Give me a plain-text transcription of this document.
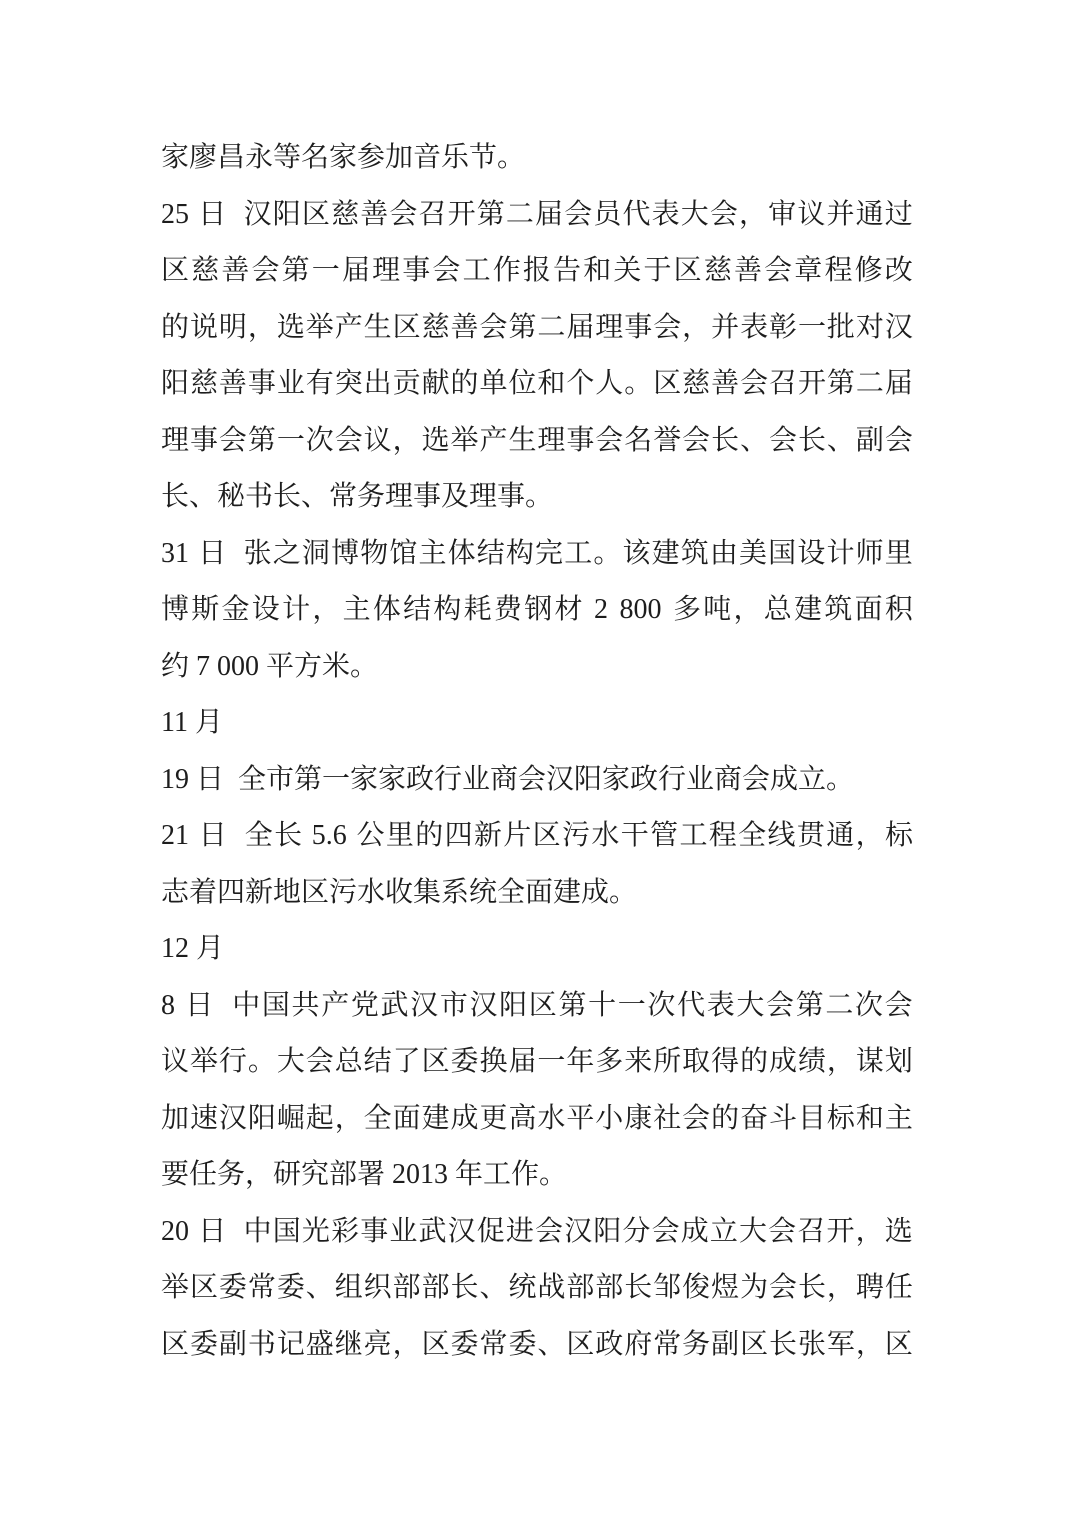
家廖昌永等名家参加音乐节。
25
日

汉 阳 区 慈 善 会 召 开 第 二 届 会 员 代 表 大 会 ， 审 议 并 通 过
区 慈 善 会 第 一 届 理 事 会 工 作 报 告 和 关 于 区 慈 善 会 章 程 修 改
的 说 明 ， 选 举 产 生 区 慈 善 会 第 二 届 理 事 会 ， 并 表 彰 一 批 对 汉
阳 慈 善 事 业 有 突 出 贡 献 的 单 位 和 个 人 。 区 慈 善 会 召 开 第 二 届
理 事 会 第 一 次 会 议 ， 选 举 产 生 理 事 会 名 誉 会 长 、 会 长 、 副 会
长、秘书长、常务理事及理事。
31
日

张 之 洞 博 物 馆 主 体 结 构 完 工 。 该 建 筑 由 美 国 设 计 师 里
博 斯 金 设 计 ， 主 体 结 构 耗 费 钢 材
2
800
多 吨 ， 总 建 筑 面 积
约 7 000 平方米。
11 月
19 日  全市第一家家政行业商会汉阳家政行业商会成立。
21
日

全 长
5.6
公 里 的 四 新 片 区 污 水 干 管 工 程 全 线 贯 通 ， 标
志着四新地区污水收集系统全面建成。
12 月
8
日

中 国 共 产 党 武 汉 市 汉 阳 区 第 十 一 次 代 表 大 会 第 二 次 会
议 举 行 。 大 会 总 结 了 区 委 换 届 一 年 多 来 所 取 得 的 成 绩 ， 谋 划
加 速 汉 阳 崛 起 ， 全 面 建 成 更 高 水 平 小 康 社 会 的 奋 斗 目 标 和 主
要任务，研究部署 2013 年工作。
20
日

中 国 光 彩 事 业 武 汉 促 进 会 汉 阳 分 会 成 立 大 会 召 开 ， 选
举 区 委 常 委 、 组 织 部 部 长 、 统 战 部 部 长 邹 俊 煜 为 会 长 ， 聘 任
区 委 副 书 记 盛 继 亮 ， 区 委 常 委 、 区 政 府 常 务 副 区 长 张 军 ， 区
